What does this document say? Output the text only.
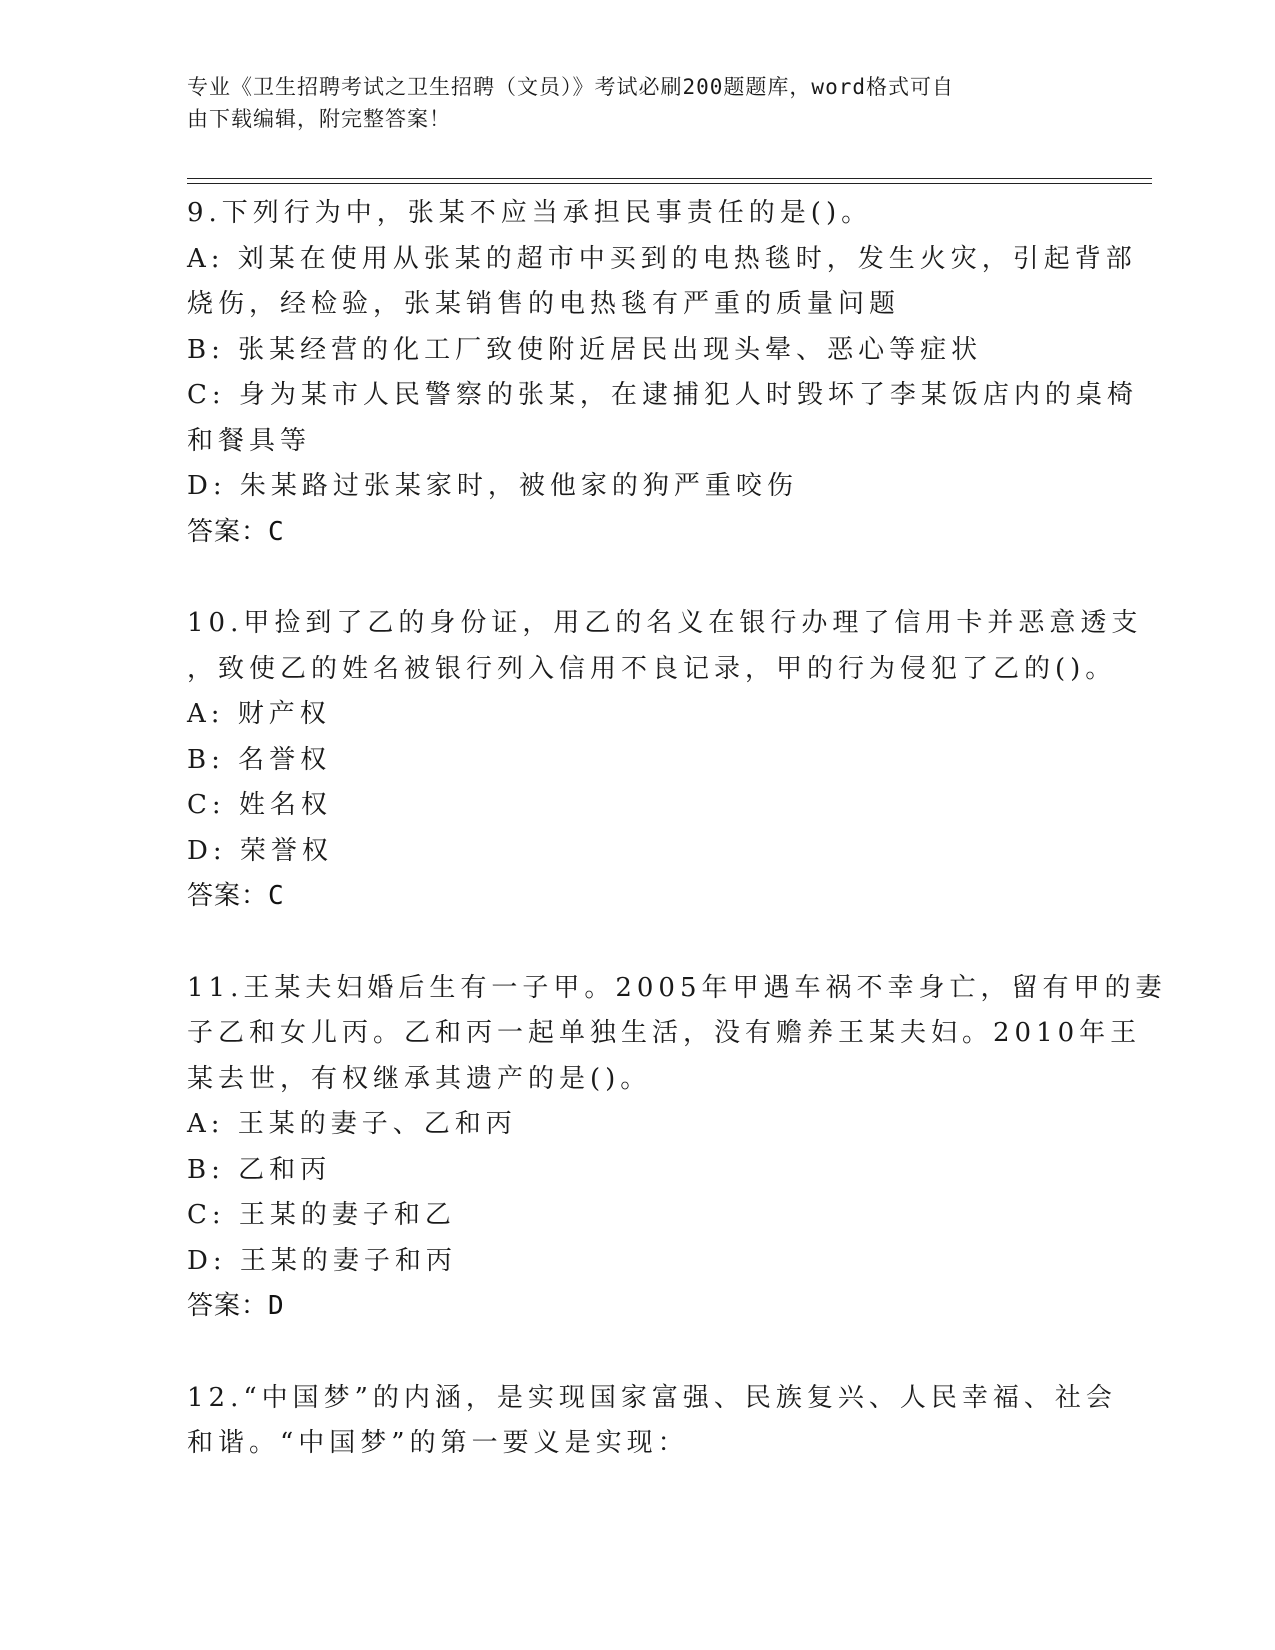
专业《卫生招聘考试之卫生招聘（文员）》考试必刷200题题库，word格式可自
由下载编辑，附完整答案！
9.下列行为中，张某不应当承担民事责任的是()。
A: 刘某在使用从张某的超市中买到的电热毯时，发生火灾，引起背部
烧伤，经检验，张某销售的电热毯有严重的质量问题
B: 张某经营的化工厂致使附近居民出现头晕、恶心等症状
C: 身为某市人民警察的张某，在逮捕犯人时毁坏了李某饭店内的桌椅
和餐具等
D: 朱某路过张某家时，被他家的狗严重咬伤
答案：C
10.甲捡到了乙的身份证，用乙的名义在银行办理了信用卡并恶意透支
，致使乙的姓名被银行列入信用不良记录，甲的行为侵犯了乙的()。
A: 财产权
B: 名誉权
C: 姓名权
D: 荣誉权
答案：C
11.王某夫妇婚后生有一子甲。2005年甲遇车祸不幸身亡，留有甲的妻
子乙和女儿丙。乙和丙一起单独生活，没有赡养王某夫妇。2010年王
某去世，有权继承其遗产的是()。
A: 王某的妻子、乙和丙
B: 乙和丙
C: 王某的妻子和乙
D: 王某的妻子和丙
答案：D
12.“中国梦”的内涵，是实现国家富强、民族复兴、人民幸福、社会
和谐。“中国梦”的第一要义是实现：
